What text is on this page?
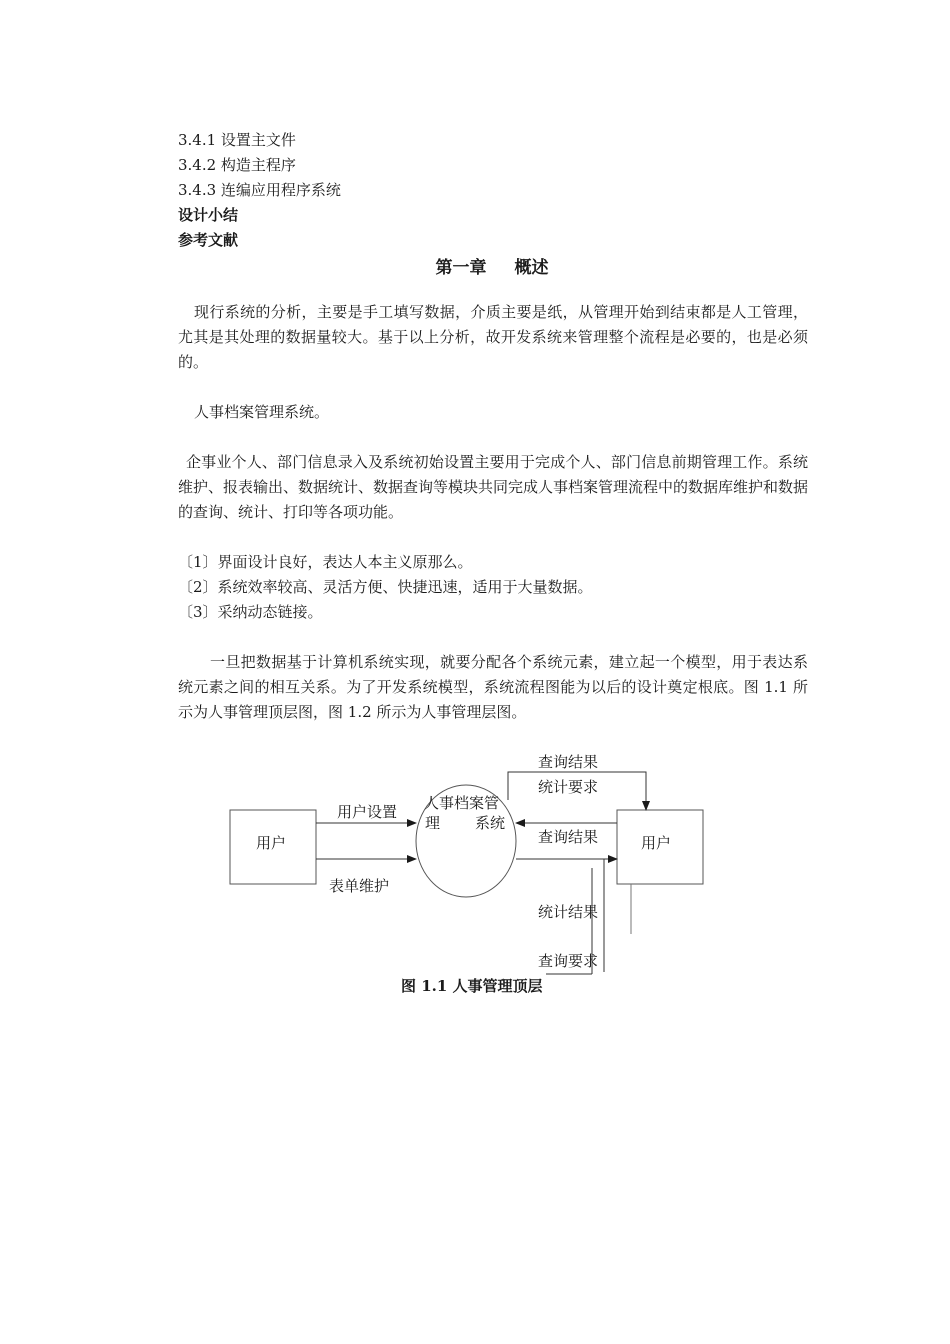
3.4.1 设置主文件
3.4.2 构造主程序
3.4.3 连编应用程序系统
设计小结
参考文献
第一章 概述
现行系统的分析，主要是手工填写数据，介质主要是纸，从管理开始到结束都是人工管理，尤其是其处理的数据量较大。基于以上分析，故开发系统来管理整个流程是必要的，也是必须的。
人事档案管理系统。
企事业个人、部门信息录入及系统初始设置主要用于完成个人、部门信息前期管理工作。系统维护、报表输出、数据统计、数据查询等模块共同完成人事档案管理流程中的数据库维护和数据的查询、统计、打印等各项功能。
〔1〕界面设计良好，表达人本主义原那么。
〔2〕系统效率较高、灵活方便、快捷迅速，适用于大量数据。
〔3〕采纳动态链接。
一旦把数据基于计算机系统实现，就要分配各个系统元素，建立起一个模型，用于表达系统元素之间的相互关系。为了开发系统模型，系统流程图能为以后的设计奠定根底。图 1.1 所示为人事管理顶层图，图 1.2 所示为人事管理层图。
用户
人事档案管
理 系统
用户
用户设置
表单维护
查询结果
统计要求
查询结果
统计结果
查询要求
图 1.1 人事管理顶层
